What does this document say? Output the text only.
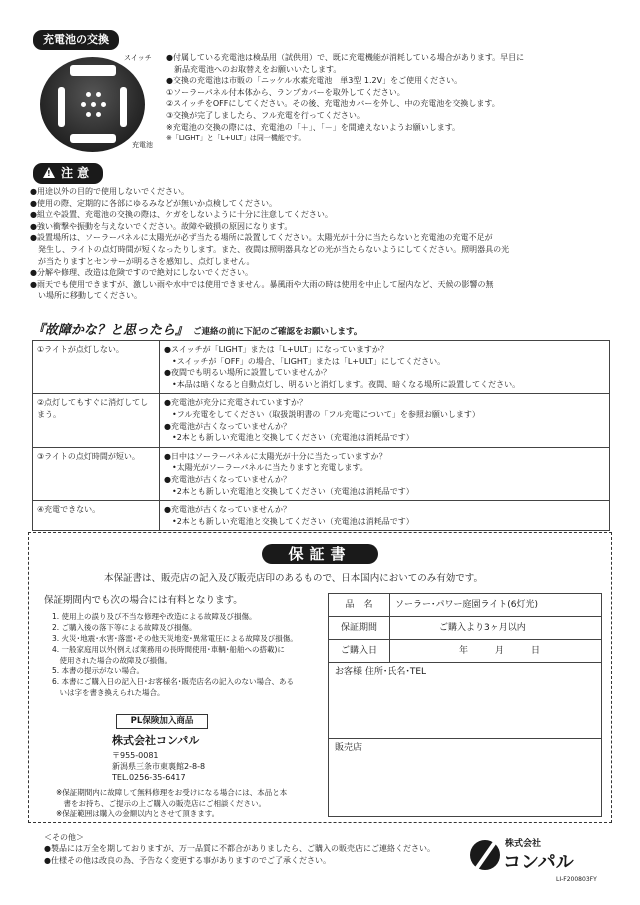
充電池の交換
スイッチ
充電池
●付属している充電池は検品用（試供用）で、既に充電機能が消耗している場合があります。早目に
　新品充電池へのお取替えをお願いいたします。
●交換の充電池は市販の「ニッケル水素充電池　単3型 1.2V」をご使用ください。
①ソーラーパネル付本体から、ランプカバーを取外してください。
②スイッチをOFFにしてください。その後、充電池カバーを外し、中の充電池を交換します。
③交換が完了しましたら、フル充電を行ってください。
※充電池の交換の際には、充電池の「＋」、「－」を間違えないようお願いします。
※「LIGHT」と「L+ULT」は同一機能です。
!注 意
●用途以外の目的で使用しないでください。
●使用の際、定期的に各部にゆるみなどが無いか点検してください。
●組立や設置、充電池の交換の際は、ケガをしないように十分に注意してください。
●強い衝撃や振動を与えないでください。故障や破損の原因になります。
●設置場所は、ソーラーパネルに太陽光が必ず当たる場所に設置してください。太陽光が十分に当たらないと充電池の充電不足が
　発生し、ライトの点灯時間が短くなったりします。また、夜間は照明器具などの光が当たらないようにしてください。照明器具の光
　が当たりますとセンサーが明るさを感知し、点灯しません。
●分解や修理、改造は危険ですので絶対にしないでください。
●雨天でも使用できますが、激しい雨や水中では使用できません。暴風雨や大雨の時は使用を中止して屋内など、天候の影響の無
　い場所に移動してください。
『故障かな？と思ったら』 ご連絡の前に下記のご確認をお願いします。
①ライトが点灯しない。	●スイッチが「LIGHT」または「L+ULT」になっていますか？
　•スイッチが「OFF」の場合、「LIGHT」または「L+ULT」にしてください。
●夜間でも明るい場所に設置していませんか？
　•本品は暗くなると自動点灯し、明るいと消灯します。夜間、暗くなる場所に設置してください。

②点灯してもすぐに消灯してしまう。	●充電池が充分に充電されていますか？
　•フル充電をしてください（取扱説明書の「フル充電について」を参照お願いします）
●充電池が古くなっていませんか？
　•2本とも新しい充電池と交換してください（充電池は消耗品です）

③ライトの点灯時間が短い。	●日中はソーラーパネルに太陽光が十分に当たっていますか？
　•太陽光がソーラーパネルに当たりますと充電します。
●充電池が古くなっていませんか？
　•2本とも新しい充電池と交換してください（充電池は消耗品です）

④充電できない。	●充電池が古くなっていませんか？
　•2本とも新しい充電池と交換してください（充電池は消耗品です）
保証書
本保証書は、販売店の記入及び販売店印のあるもので、日本国内においてのみ有効です。
保証期間内でも次の場合には有料となります。
1. 使用上の誤り及び不当な修理や改造による故障及び損傷。
2. ご購入後の落下等による故障及び損傷。
3. 火災･地震･水害･落雷･その他天災地変･異常電圧による故障及び損傷。
4. 一般家庭用以外(例えば業務用の長時間使用･車輌･船舶への搭載)に
　使用された場合の故障及び損傷。
5. 本書の提示がない場合。
6. 本書にご購入日の記入日･お客様名･販売店名の記入のない場合、ある
　いは字を書き換えられた場合。
PL保険加入商品
株式会社コンパル
〒955-0081
新潟県三条市東裏館2-8-8
TEL.0256-35-6417
※保証期間内に故障して無料修理をお受けになる場合には、本品と本
　書をお持ち、ご提示の上ご購入の販売店にご相談ください。
※保証範囲は購入の金額以内とさせて頂きます。
品　名	ソーラー･パワー庭園ライト(6灯光)
保証期間	ご購入より3ヶ月以内
ご購入日	年　　　月　　　日
お客様 住所･氏名･TEL
販売店
＜その他＞
●製品には万全を期しておりますが、万一品質に不都合がありましたら、ご購入の販売店にご連絡ください。
●仕様その他は改良の為、予告なく変更する事がありますのでご了承ください。
株式会社
コンパル
LI-F200803FY
